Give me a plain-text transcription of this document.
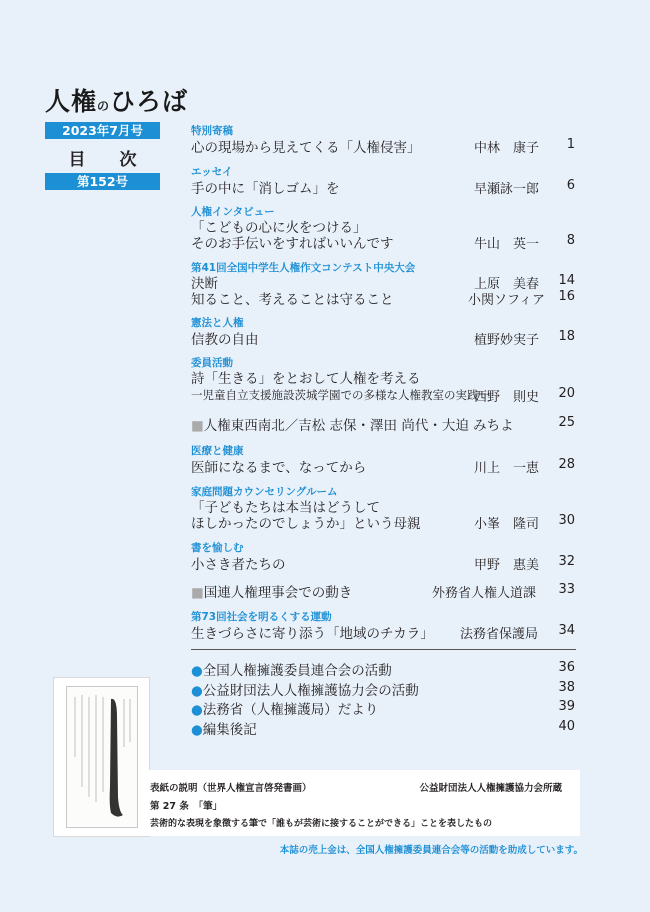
人権のひろば
2023年7月号
目 次
第152号
特別寄稿
心の現場から見えてくる「人権侵害」	中林　康子	1
エッセイ
手の中に「消しゴム」を	早瀬詠一郎	6
人権インタビュー
「こどもの心に火をつける」
そのお手伝いをすればいいんです	牛山　英一	8
第41回全国中学生人権作文コンテスト中央大会
決断	上原　美春	14
知ること、考えることは守ること	小関ソフィア	16
憲法と人権
信教の自由	植野妙実子	18
委員活動
詩「生きる」をとおして人権を考える
一児童自立支援施設茨城学園での多様な人権教室の実践一
西野　則史	20
■人権東西南北／吉松 志保・澤田 尚代・大迫 みちよ	25
医療と健康
医師になるまで、なってから	川上　一恵	28
家庭問題カウンセリングルーム
「子どもたちは本当はどうして
ほしかったのでしょうか」という母親	小峯　隆司	30
書を愉しむ
小さき者たちの	甲野　惠美	32
■国連人権理事会での動き	外務省人権人道課	33
第73回社会を明るくする運動
生きづらさに寄り添う「地域のチカラ」 法務省保護局	34
●全国人権擁護委員連合会の活動	36
●公益財団法人人権擁護協力会の活動	38
●法務省（人権擁護局）だより	39
●編集後記	40
表紙の説明（世界人権宣言啓発書画）	公益財団法人人権擁護協力会所蔵
第 27 条　「筆」
芸術的な表現を象徴する筆で「誰もが芸術に接することができる」ことを表したもの
本誌の売上金は、全国人権擁護委員連合会等の活動を助成しています。
